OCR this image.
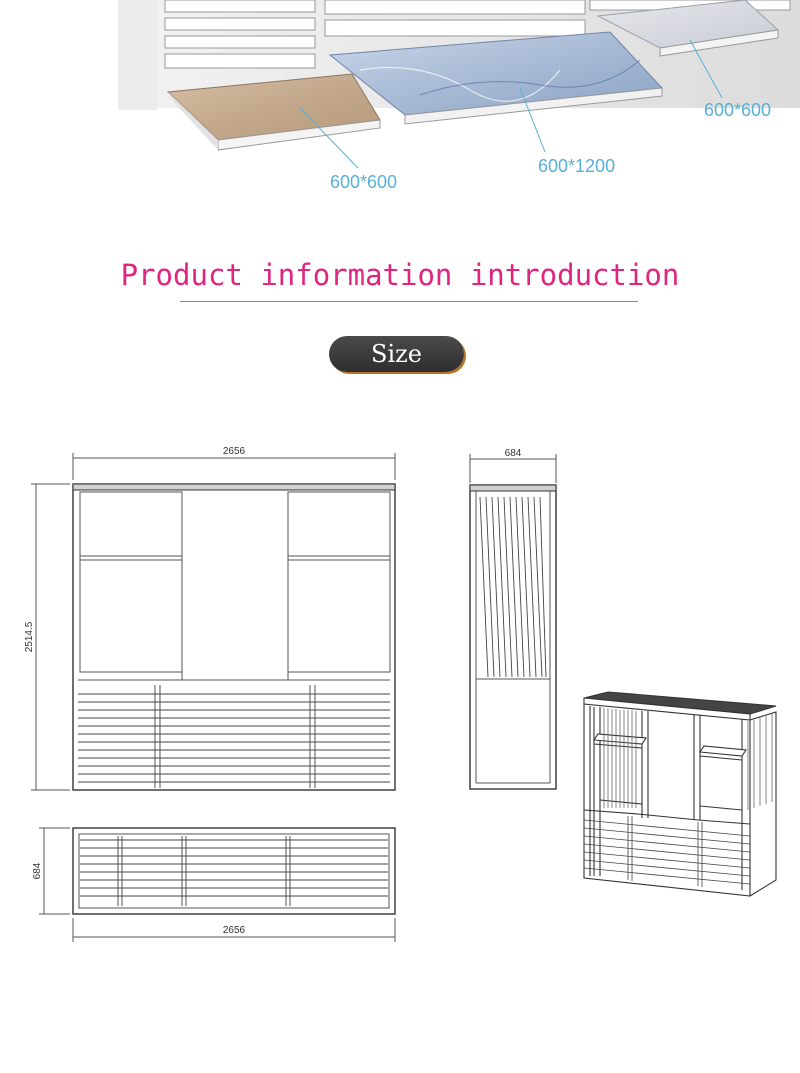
600*600
600*1200
600*600
Product information introduction
Size
2656
2514.5
684
2656
684
